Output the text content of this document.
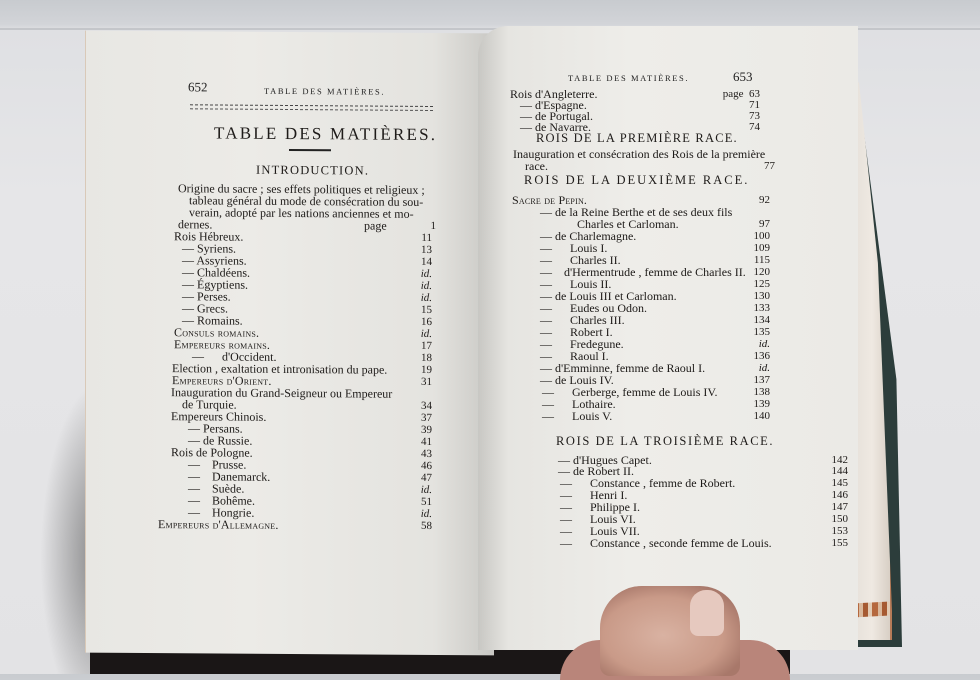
652	TABLE DES MATIÈRES.
TABLE DES MATIÈRES.
INTRODUCTION.
Origine du sacre ; ses effets politiques et religieux ;
tableau général du mode de consécration du sou-
verain, adopté par les nations anciennes et mo-
dernes.	page	1
Rois Hébreux.	11
— Syriens.	13
— Assyriens.	14
— Chaldéens.	id.
— Égyptiens.	id.
— Perses.	id.
— Grecs.	15
— Romains.	16
Consuls romains.	id.
Empereurs romains.	17
—      d'Occident.	18
Election , exaltation et intronisation du pape.	19
Empereurs d'Orient.	31
Inauguration du Grand-Seigneur ou Empereur
de Turquie.	34
Empereurs Chinois.	37
— Persans.	39
— de Russie.	41
Rois de Pologne.	43
—    Prusse.	46
—    Danemarck.	47
—    Suède.	id.
—    Bohême.	51
—    Hongrie.	id.
Empereurs d'Allemagne.	58
TABLE DES MATIÈRES.	653
Rois d'Angleterre.	page  63
— d'Espagne.	71
— de Portugal.	73
— de Navarre.	74
ROIS DE LA PREMIÈRE RACE.
Inauguration et consécration des Rois de la première
race.	77
ROIS DE LA DEUXIÈME RACE.
Sacre de Pepin.	92
— de la Reine Berthe et de ses deux fils
Charles et Carloman.	97
— de Charlemagne.	100
—      Louis I.	109
—      Charles II.	115
—    d'Hermentrude , femme de Charles II. 120
—      Louis II.	125
— de Louis III et Carloman.	130
—      Eudes ou Odon.	133
—      Charles III.	134
—      Robert I.	135
—      Fredegune.	id.
—      Raoul I.	136
— d'Emminne, femme de Raoul I.	id.
— de Louis IV.	137
—      Gerberge, femme de Louis IV.	138
—      Lothaire.	139
—      Louis V.	140
ROIS DE LA TROISIÈME RACE.
— d'Hugues Capet.	142
— de Robert II.	144
—      Constance , femme de Robert.	145
—      Henri I.	146
—      Philippe I.	147
—      Louis VI.	150
—      Louis VII.	153
—      Constance , seconde femme de Louis.	155
